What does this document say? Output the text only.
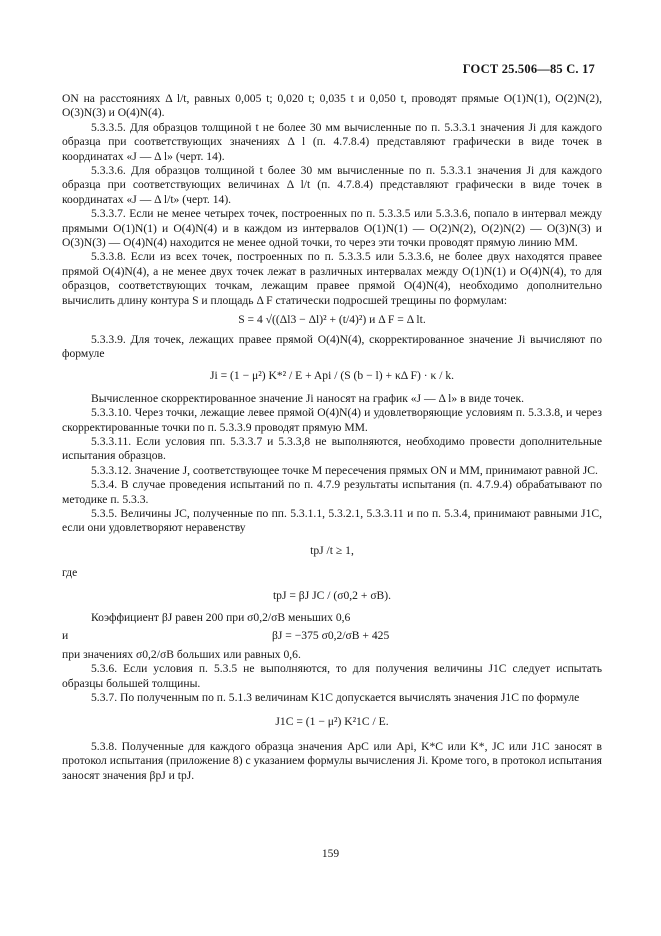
ГОСТ 25.506—85 С. 17

ON на расстояниях Δ l/t, равных 0,005 t; 0,020 t; 0,035 t и 0,050 t, проводят прямые O(1)N(1), O(2)N(2), O(3)N(3) и O(4)N(4).

5.3.3.5. Для образцов толщиной t не более 30 мм вычисленные по п. 5.3.3.1 значения Ji для каждого образца при соответствующих значениях Δ l (п. 4.7.8.4) представляют графически в виде точек в координатах «J — Δ l» (черт. 14).

5.3.3.6. Для образцов толщиной t более 30 мм вычисленные по п. 5.3.3.1 значения Ji для каждого образца при соответствующих величинах Δ l/t (п. 4.7.8.4) представляют графически в виде точек в координатах «J — Δ l/t» (черт. 14).

5.3.3.7. Если не менее четырех точек, построенных по п. 5.3.3.5 или 5.3.3.6, попало в интервал между прямыми O(1)N(1) и O(4)N(4) и в каждом из интервалов O(1)N(1) — O(2)N(2), O(2)N(2) — O(3)N(3) и O(3)N(3) — O(4)N(4) находится не менее одной точки, то через эти точки проводят прямую линию MM.

5.3.3.8. Если из всех точек, построенных по п. 5.3.3.5 или 5.3.3.6, не более двух находятся правее прямой O(4)N(4), а не менее двух точек лежат в различных интервалах между O(1)N(1) и O(4)N(4), то для образцов, соответствующих точкам, лежащим правее прямой O(4)N(4), необходимо дополнительно вычислить длину контура S и площадь Δ F статически подросшей трещины по формулам:

S = 4 √((Δl3 − Δl)² + (t/4)²) и Δ F = Δ lt.

5.3.3.9. Для точек, лежащих правее прямой O(4)N(4), скорректированное значение Ji вычисляют по формуле

Ji = (1 − μ²) K*² / E + Api / (S (b − l) + κΔ F) · κ / k.

Вычисленное скорректированное значение Ji наносят на график «J — Δ l» в виде точек.

5.3.3.10. Через точки, лежащие левее прямой O(4)N(4) и удовлетворяющие условиям п. 5.3.3.8, и через скорректированные точки по п. 5.3.3.9 проводят прямую MM.

5.3.3.11. Если условия пп. 5.3.3.7 и 5.3.3,8 не выполняются, необходимо провести дополнительные испытания образцов.

5.3.3.12. Значение J, соответствующее точке M пересечения прямых ON и MM, принимают равной JC.

5.3.4. В случае проведения испытаний по п. 4.7.9 результаты испытания (п. 4.7.9.4) обрабатывают по методике п. 5.3.3.

5.3.5. Величины JC, полученные по пп. 5.3.1.1, 5.3.2.1, 5.3.3.11 и по п. 5.3.4, принимают равными J1C, если они удовлетворяют неравенству

tpJ /t ≥ 1,

где

tpJ = βJ JC / (σ0,2 + σB).

Коэффициент βJ равен 200 при σ0,2/σB меньших 0,6

и	βJ = −375 σ0,2/σB + 425

при значениях σ0,2/σB больших или равных 0,6.

5.3.6. Если условия п. 5.3.5 не выполняются, то для получения величины J1C следует испытать образцы большей толщины.

5.3.7. По полученным по п. 5.1.3 величинам K1C допускается вычислять значения J1C по формуле

J1C = (1 − μ²) K²1C / E.

5.3.8. Полученные для каждого образца значения ApC или Api, K*C или K*, JC или J1C заносят в протокол испытания (приложение 8) с указанием формулы вычисления Ji. Кроме того, в протокол испытания заносят значения βpJ и tpJ.

159
